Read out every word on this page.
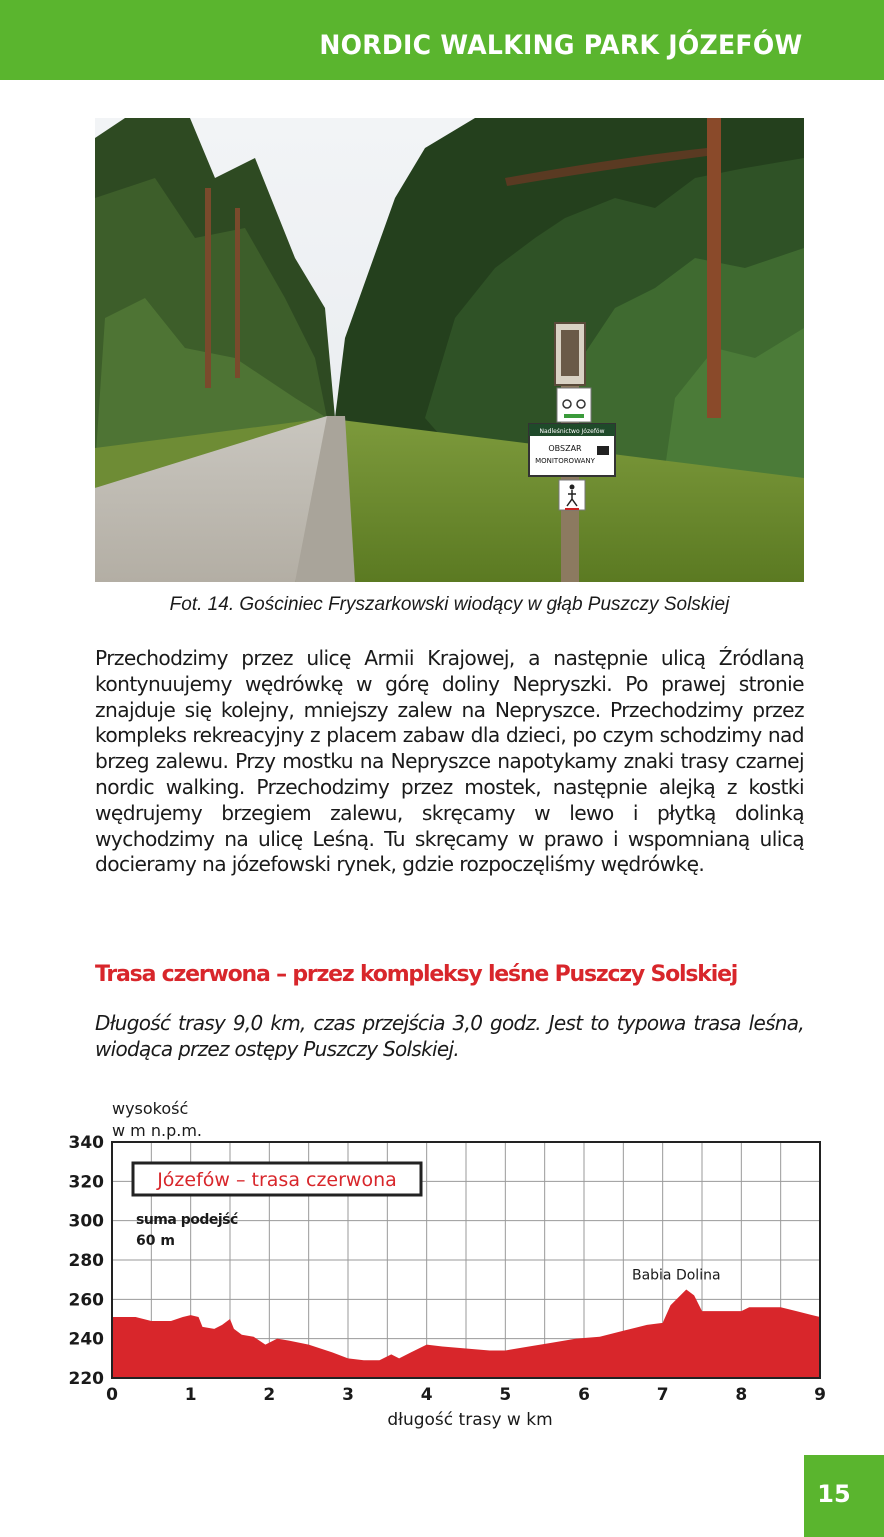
NORDIC WALKING PARK JÓZEFÓW
Nadleśnictwo Józefów
OBSZAR
MONITOROWANY
Fot. 14. Gościniec Fryszarkowski wiodący w głąb Puszczy Solskiej
Przechodzimy przez ulicę Armii Krajowej, a następnie ulicą Źródlaną kontynuujemy wędrówkę w górę doliny Nepryszki. Po prawej stronie znajduje się kolejny, mniejszy zalew na Nepryszce. Przechodzimy przez kompleks rekreacyjny z placem zabaw dla dzieci, po czym schodzimy nad brzeg zalewu. Przy mostku na Nepryszce napotykamy znaki trasy czarnej nordic walking. Przechodzimy przez mostek, następnie alejką z kostki wędrujemy brzegiem zalewu, skręcamy w lewo i płytką dolinką wychodzimy na ulicę Leśną. Tu skręcamy w prawo i wspomnianą ulicą docieramy na józefowski rynek, gdzie rozpoczęliśmy wędrówkę.
Trasa czerwona – przez kompleksy leśne Puszczy Solskiej
Długość trasy 9,0 km, czas przejścia 3,0 godz. Jest to typowa trasa leśna, wiodąca przez ostępy Puszczy Solskiej.
0	1	2	3	4	5	6	7	8	9
220
240
260
280
300
320
340
wysokość
w m n.p.m.
Józefów – trasa czerwona
suma podejść
60 m
Babia Dolina
długość trasy w km
15
